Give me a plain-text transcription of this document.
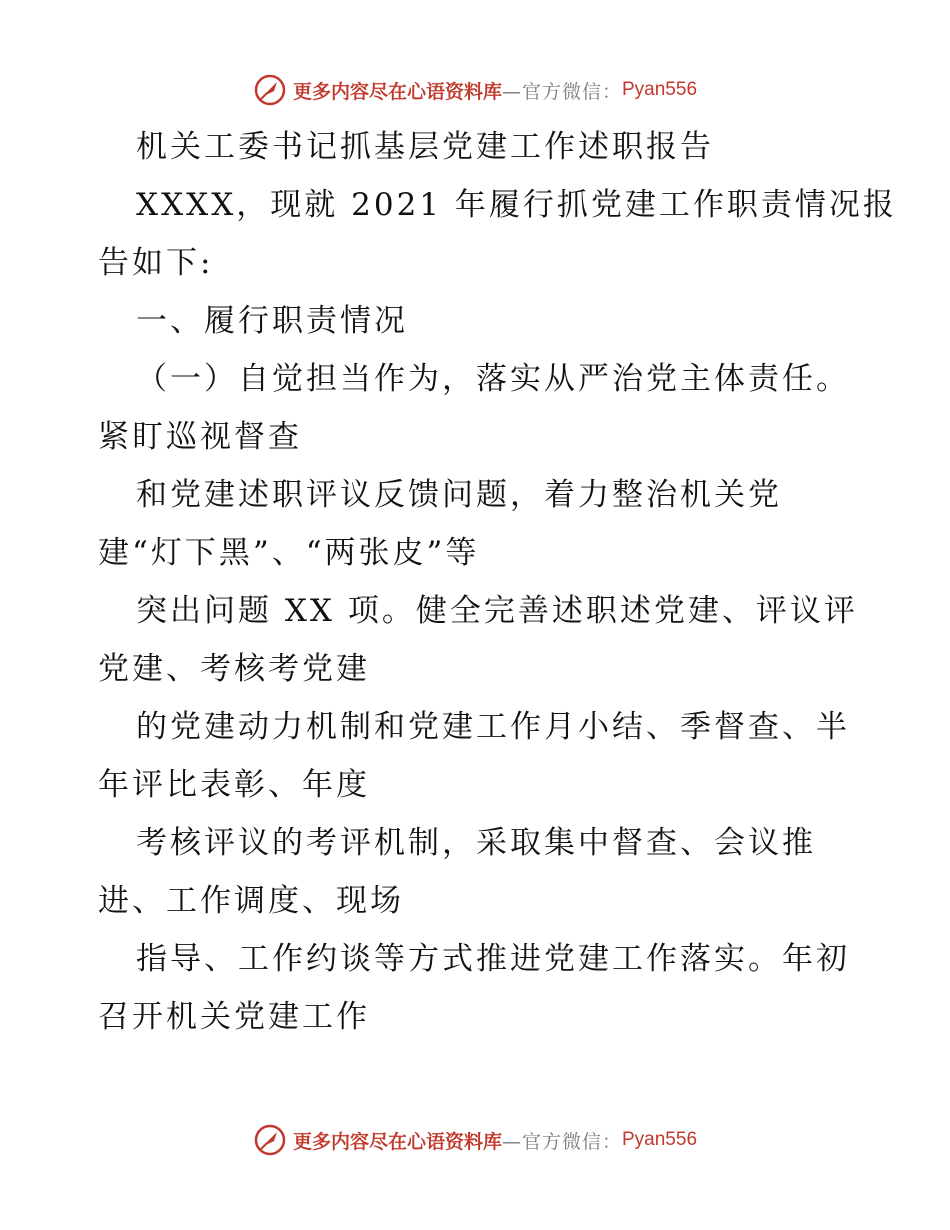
更多内容尽在心语资料库 —官方微信： Pyan556
机关工委书记抓基层党建工作述职报告
XXXX，现就 2021 年履行抓党建工作职责情况报
告如下:
一、履行职责情况
（一）自觉担当作为，落实从严治党主体责任。
紧盯巡视督查
和党建述职评议反馈问题，着力整治机关党
建“灯下黑”、“两张皮”等
突出问题 XX 项。健全完善述职述党建、评议评
党建、考核考党建
的党建动力机制和党建工作月小结、季督查、半
年评比表彰、年度
考核评议的考评机制，采取集中督查、会议推
进、工作调度、现场
指导、工作约谈等方式推进党建工作落实。年初
召开机关党建工作
更多内容尽在心语资料库 —官方微信： Pyan556
